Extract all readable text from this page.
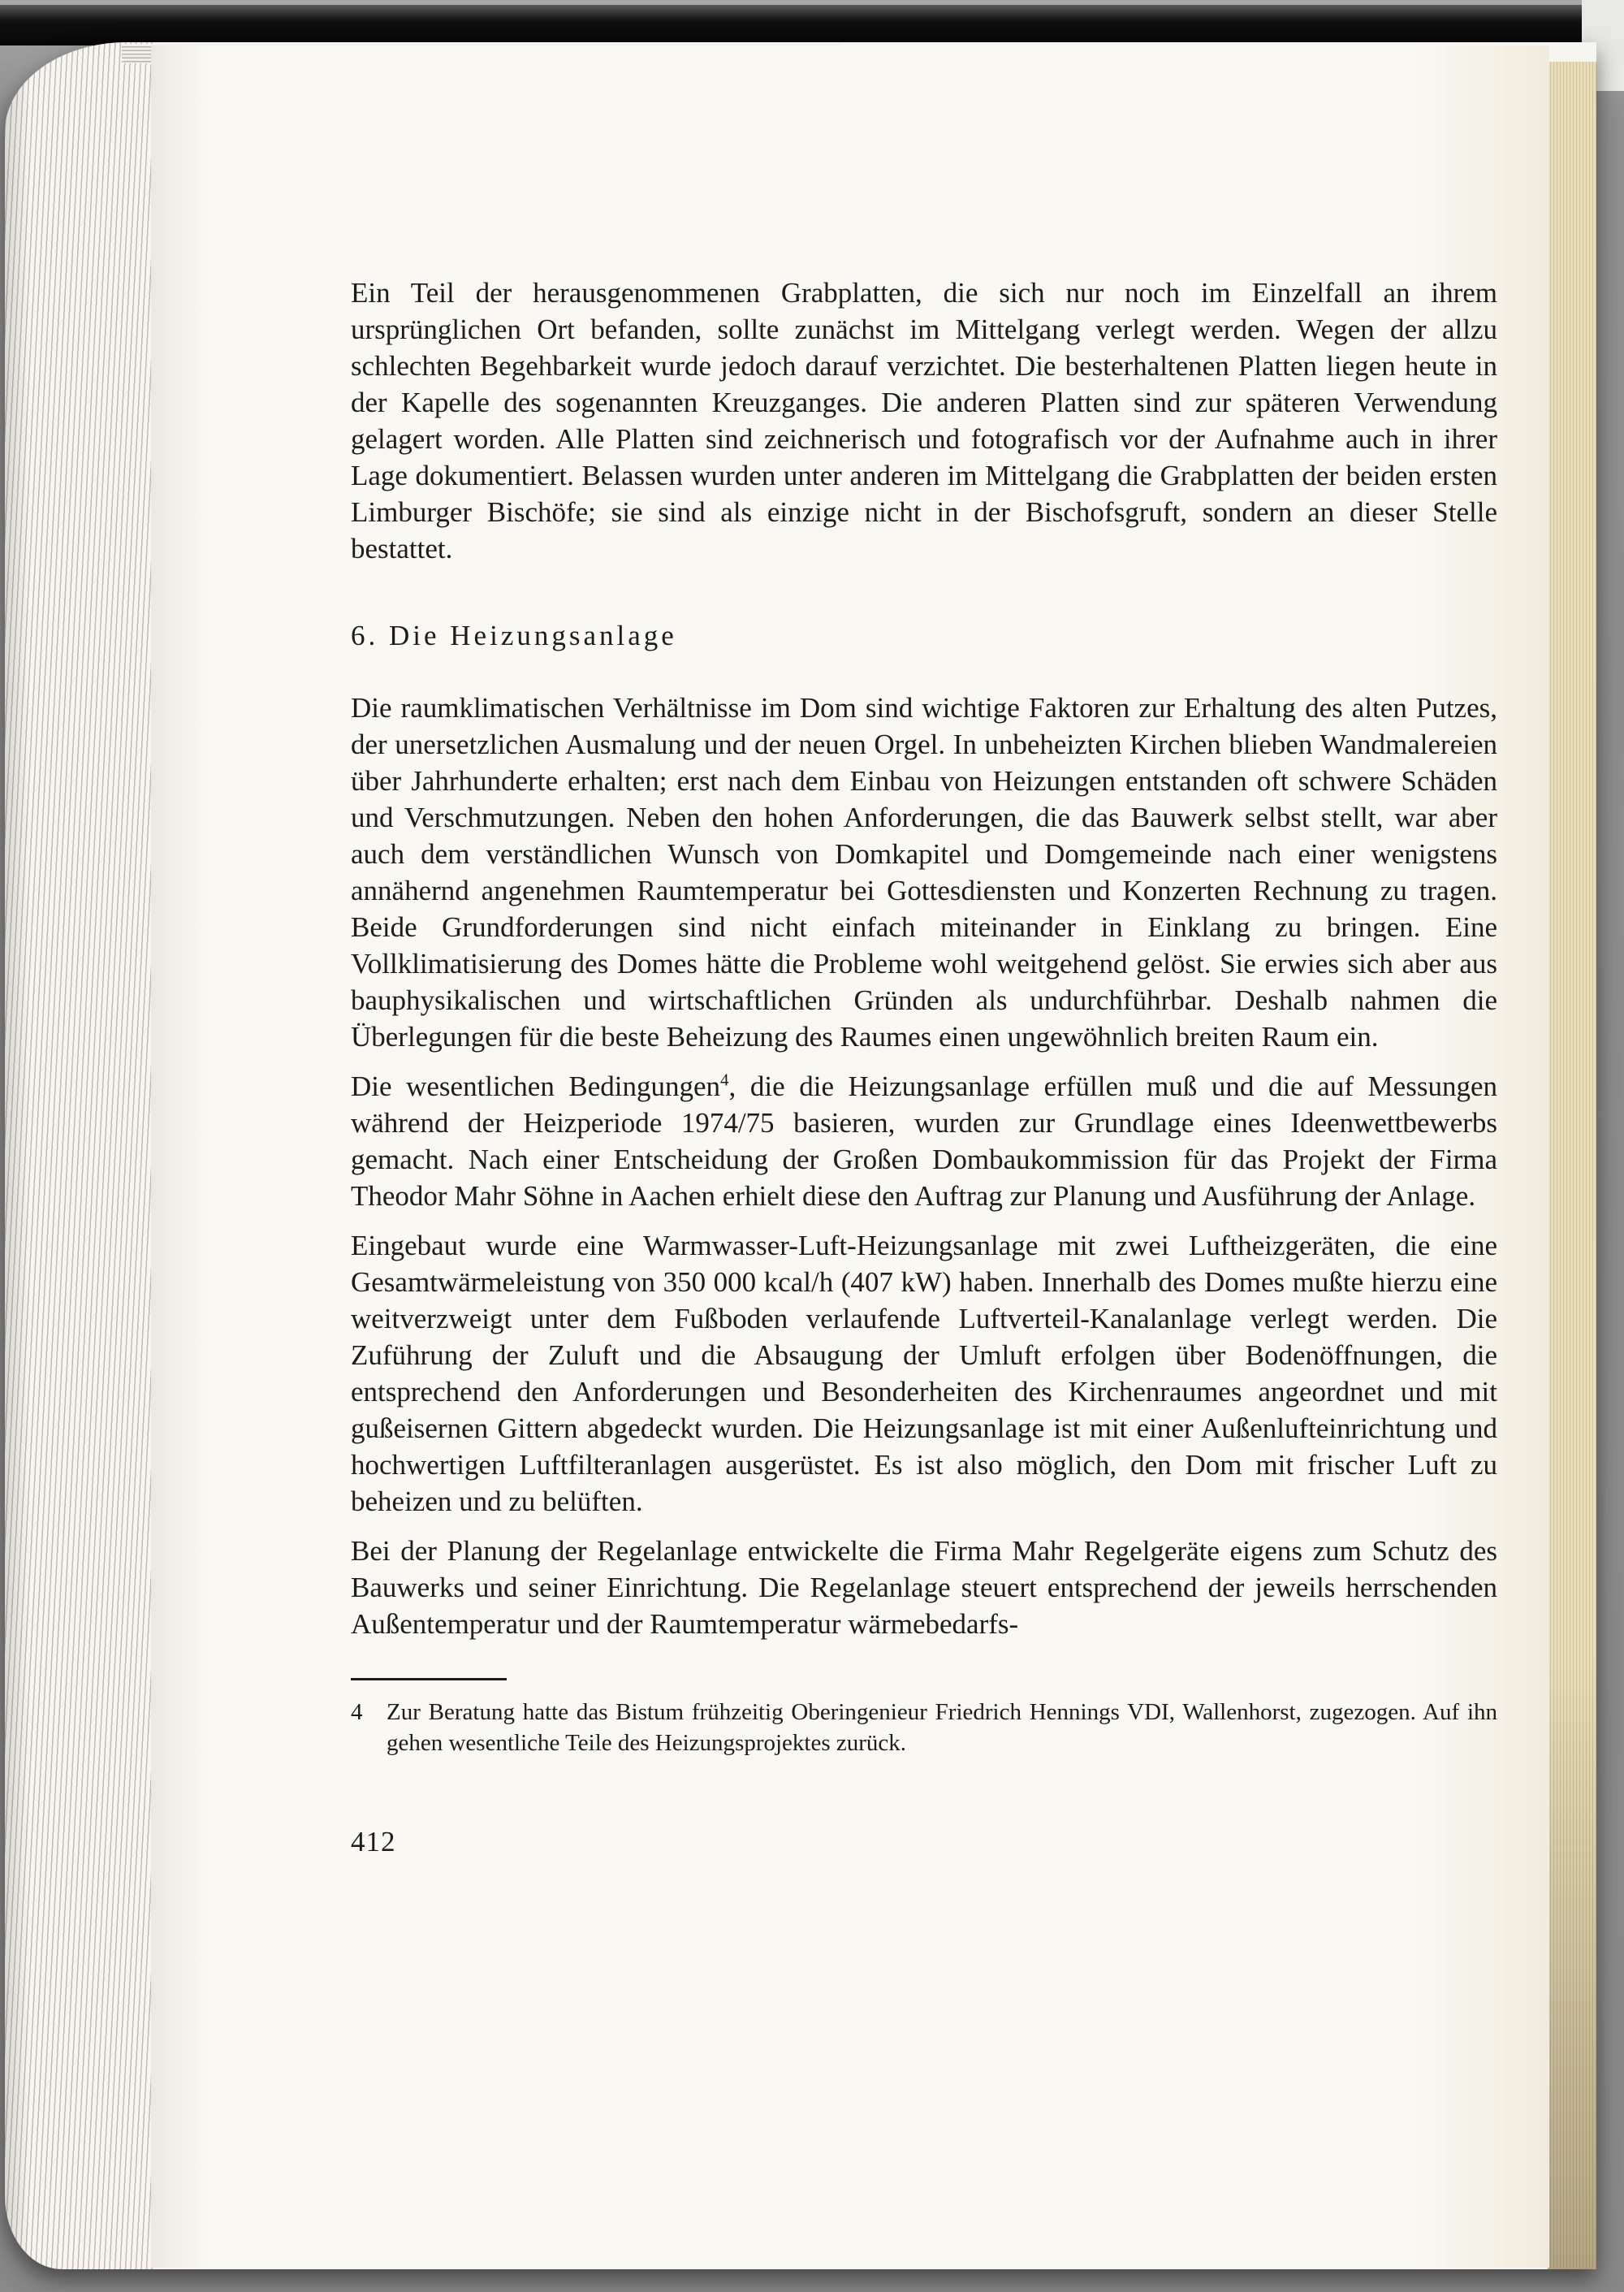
Ein Teil der herausgenommenen Grabplatten, die sich nur noch im Einzelfall an ihrem ursprünglichen Ort befanden, sollte zunächst im Mittelgang verlegt werden. Wegen der allzu schlechten Begehbarkeit wurde jedoch darauf verzichtet. Die besterhaltenen Platten liegen heute in der Kapelle des sogenannten Kreuzganges. Die anderen Platten sind zur späteren Verwendung gelagert worden. Alle Platten sind zeichnerisch und fotografisch vor der Aufnahme auch in ihrer Lage dokumentiert. Belassen wurden unter anderen im Mittelgang die Grabplatten der beiden ersten Limburger Bischöfe; sie sind als einzige nicht in der Bischofsgruft, sondern an dieser Stelle bestattet.

6. Die Heizungsanlage

Die raumklimatischen Verhältnisse im Dom sind wichtige Faktoren zur Erhaltung des alten Putzes, der unersetzlichen Ausmalung und der neuen Orgel. In unbeheizten Kirchen blieben Wandmalereien über Jahrhunderte erhalten; erst nach dem Einbau von Heizungen entstanden oft schwere Schäden und Verschmutzungen. Neben den hohen Anforderungen, die das Bauwerk selbst stellt, war aber auch dem verständlichen Wunsch von Domkapitel und Domgemeinde nach einer wenigstens annähernd angenehmen Raumtemperatur bei Gottesdiensten und Konzerten Rechnung zu tragen. Beide Grundforderungen sind nicht einfach miteinander in Einklang zu bringen. Eine Vollklimatisierung des Domes hätte die Probleme wohl weitgehend gelöst. Sie erwies sich aber aus bauphysikalischen und wirtschaftlichen Gründen als undurchführbar. Deshalb nahmen die Überlegungen für die beste Beheizung des Raumes einen ungewöhnlich breiten Raum ein.

Die wesentlichen Bedingungen$^4$, die die Heizungsanlage erfüllen muß und die auf Messungen während der Heizperiode 1974/75 basieren, wurden zur Grundlage eines Ideenwettbewerbs gemacht. Nach einer Entscheidung der Großen Dombaukommission für das Projekt der Firma Theodor Mahr Söhne in Aachen erhielt diese den Auftrag zur Planung und Ausführung der Anlage.

Eingebaut wurde eine Warmwasser-Luft-Heizungsanlage mit zwei Luftheizgeräten, die eine Gesamtwärmeleistung von 350 000 kcal/h (407 kW) haben. Innerhalb des Domes mußte hierzu eine weitverzweigt unter dem Fußboden verlaufende Luftverteil-Kanalanlage verlegt werden. Die Zuführung der Zuluft und die Absaugung der Umluft erfolgen über Bodenöffnungen, die entsprechend den Anforderungen und Besonderheiten des Kirchenraumes angeordnet und mit gußeisernen Gittern abgedeckt wurden. Die Heizungsanlage ist mit einer Außenlufteinrichtung und hochwertigen Luftfilteranlagen ausgerüstet. Es ist also möglich, den Dom mit frischer Luft zu beheizen und zu belüften.

Bei der Planung der Regelanlage entwickelte die Firma Mahr Regelgeräte eigens zum Schutz des Bauwerks und seiner Einrichtung. Die Regelanlage steuert entsprechend der jeweils herrschenden Außentemperatur und der Raumtemperatur wärmebedarfs-

4	Zur Beratung hatte das Bistum frühzeitig Oberingenieur Friedrich Hennings VDI, Wallenhorst, zugezogen. Auf ihn gehen wesentliche Teile des Heizungsprojektes zurück.
412
